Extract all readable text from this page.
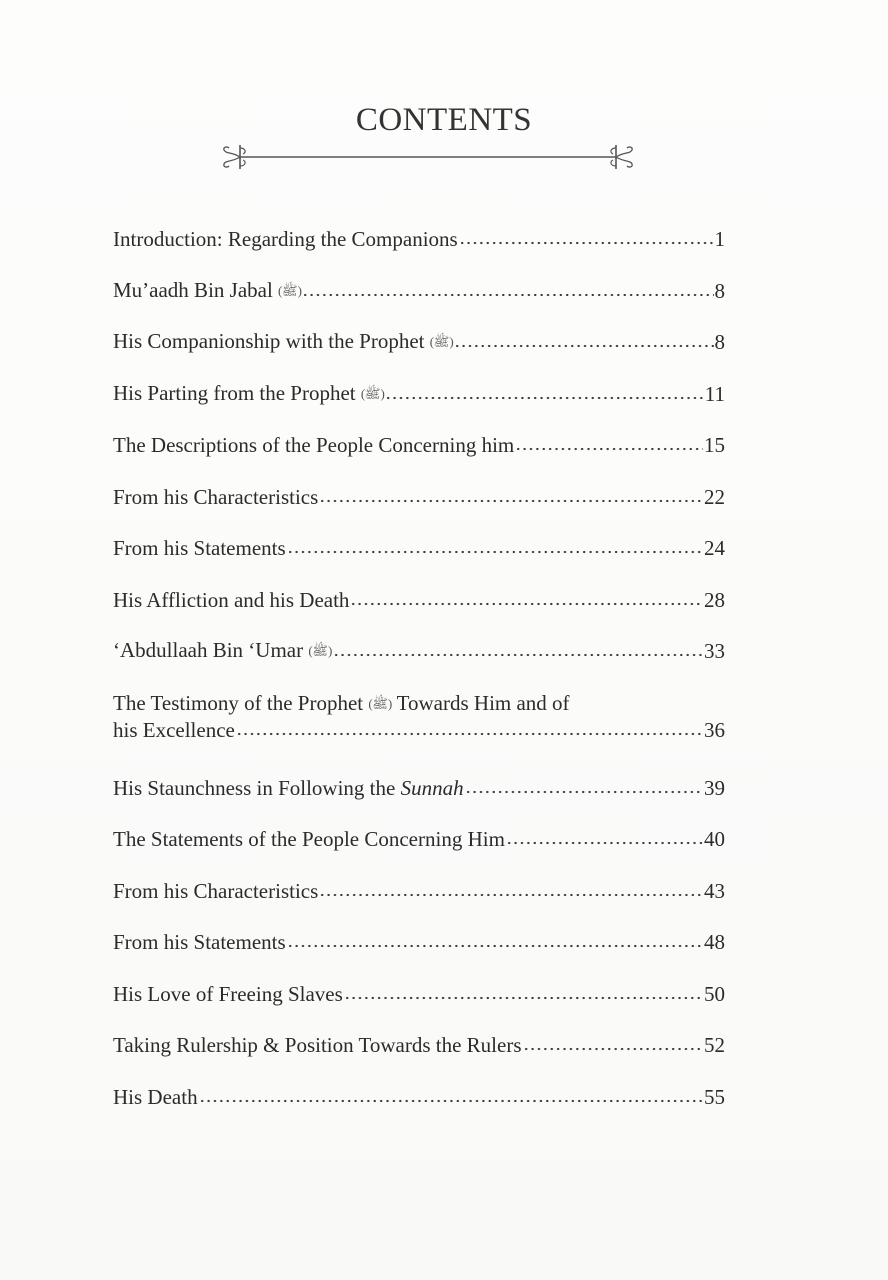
CONTENTS
Introduction: Regarding the Companions	1
Mu’aadh Bin Jabal (ﷺ)	8
His Companionship with the Prophet (ﷺ)	8
His Parting from the Prophet (ﷺ)	11
The Descriptions of the People Concerning him	15
From his Characteristics	22
From his Statements	24
His Affliction and his Death	28
‘Abdullaah Bin ‘Umar (ﷺ)	33
The Testimony of the Prophet (ﷺ) Towards Him and of
his Excellence	36
His Staunchness in Following the Sunnah	39
The Statements of the People Concerning Him	40
From his Characteristics	43
From his Statements	48
His Love of Freeing Slaves	50
Taking Rulership & Position Towards the Rulers	52
His Death	55
